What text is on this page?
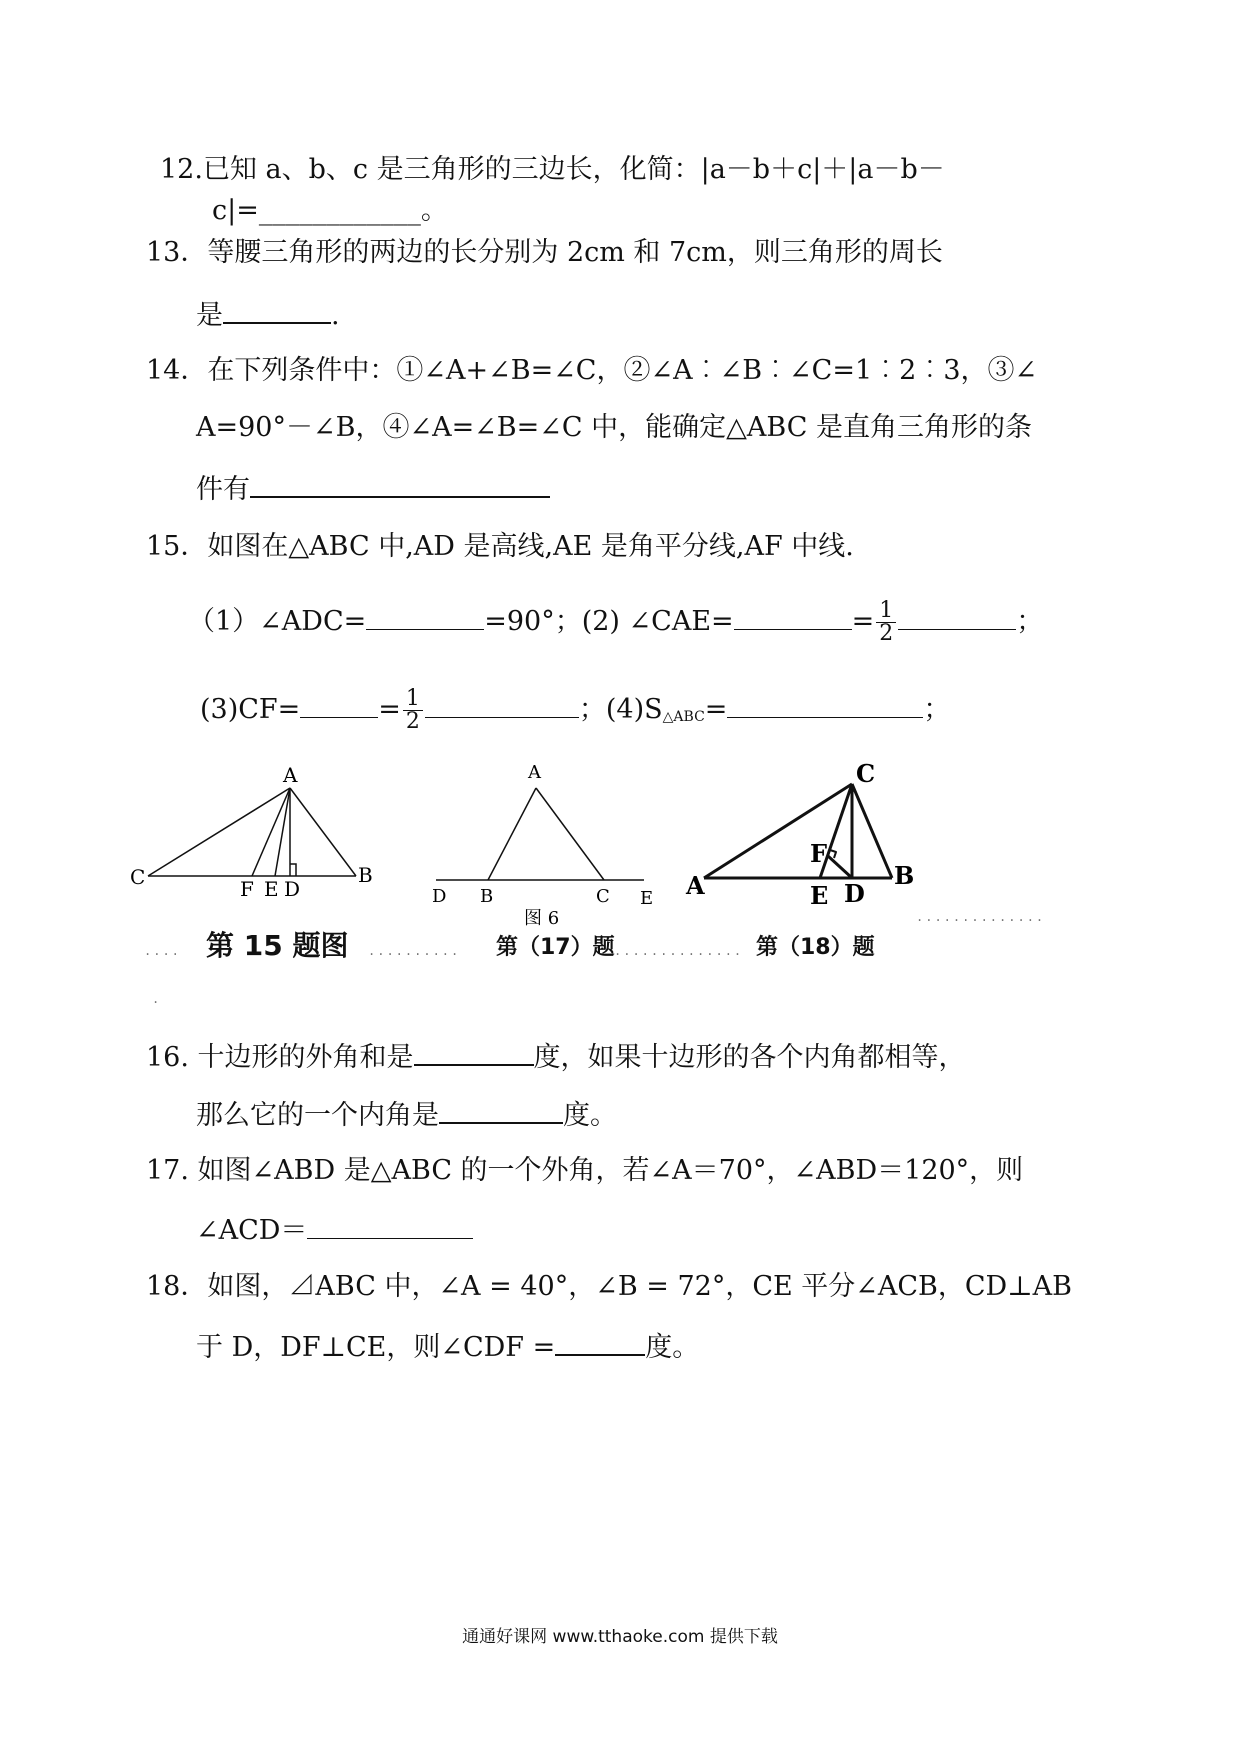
12.已知 a、b、c 是三角形的三边长，化简：|a－b＋c|＋|a－b－
c|=____________。
13．等腰三角形的两边的长分别为 2cm 和 7cm，则三角形的周长
是	.
14．在下列条件中：①∠A+∠B=∠C，②∠A︰∠B︰∠C=1︰2︰3，③∠
A=90°－∠B，④∠A=∠B=∠C 中，能确定△ABC 是直角三角形的条
件有
15．如图在△ABC 中,AD 是高线,AE 是角平分线,AF 中线.
（1）∠ADC=	=90°；(2) ∠CAE=	= $\frac{1}{2}$	；
(3)CF=	= $\frac{1}{2}$	；$(4)S_{\triangle ABC}=$	；
A
C	B
F E D
A
D B	C E
图 6
C
A	B
F
E D
.... 第 15 题图 .......... 第（17）题 .............. 第（18）题
..............
.
16. 十边形的外角和是	度，如果十边形的各个内角都相等，
那么它的一个内角是	度。
17. 如图∠ABD 是△ABC 的一个外角，若∠A＝70°，∠ABD＝120°，则
∠ACD＝
18．如图，⊿ABC 中，∠A = 40°，∠B = 72°，CE 平分∠ACB，CD⊥AB
于 D，DF⊥CE，则∠CDF =	度。
通通好课网 www.tthaoke.com 提供下载
